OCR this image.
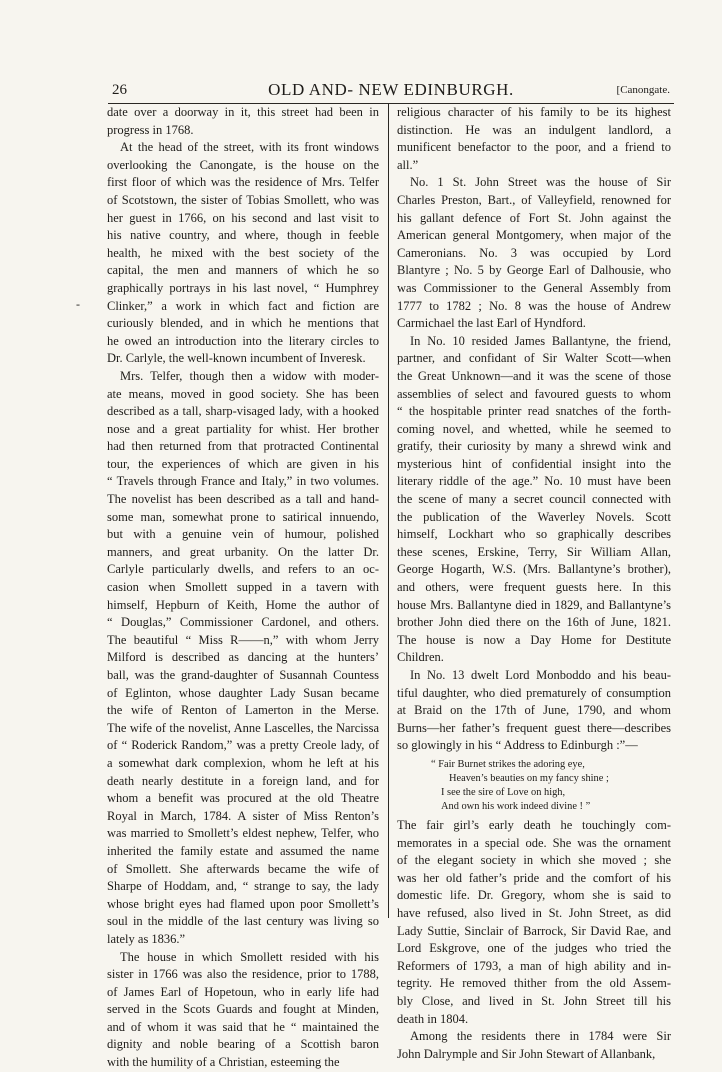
26	OLD AND- NEW EDINBURGH.	[Canongate.
-
date over a doorway in it, this street had been in
progress in 1768.
At the head of the street, with its front windows
overlooking the Canongate, is the house on the
first floor of which was the residence of Mrs. Telfer
of Scotstown, the sister of Tobias Smollett, who was
her guest in 1766, on his second and last visit to
his native country, and where, though in feeble
health, he mixed with the best society of the
capital, the men and manners of which he so
graphically portrays in his last novel, “ Humphrey
Clinker,” a work in which fact and fiction are
curiously blended, and in which he mentions that
he owed an introduction into the literary circles to
Dr. Carlyle, the well-known incumbent of Inveresk.
Mrs. Telfer, though then a widow with moder-
ate means, moved in good society. She has been
described as a tall, sharp-visaged lady, with a hooked
nose and a great partiality for whist. Her brother
had then returned from that protracted Continental
tour, the experiences of which are given in his
“ Travels through France and Italy,” in two volumes.
The novelist has been described as a tall and hand-
some man, somewhat prone to satirical innuendo,
but with a genuine vein of humour, polished
manners, and great urbanity. On the latter Dr.
Carlyle particularly dwells, and refers to an oc-
casion when Smollett supped in a tavern with
himself, Hepburn of Keith, Home the author of
“ Douglas,” Commissioner Cardonel, and others.
The beautiful “ Miss R——n,” with whom Jerry
Milford is described as dancing at the hunters’
ball, was the grand-daughter of Susannah Countess
of Eglinton, whose daughter Lady Susan became
the wife of Renton of Lamerton in the Merse.
The wife of the novelist, Anne Lascelles, the Narcissa
of “ Roderick Random,” was a pretty Creole lady, of
a somewhat dark complexion, whom he left at his
death nearly destitute in a foreign land, and for
whom a benefit was procured at the old Theatre
Royal in March, 1784. A sister of Miss Renton’s
was married to Smollett’s eldest nephew, Telfer, who
inherited the family estate and assumed the name
of Smollett. She afterwards became the wife of
Sharpe of Hoddam, and, “ strange to say, the lady
whose bright eyes had flamed upon poor Smollett’s
soul in the middle of the last century was living so
lately as 1836.”
The house in which Smollett resided with his
sister in 1766 was also the residence, prior to 1788,
of James Earl of Hopetoun, who in early life had
served in the Scots Guards and fought at Minden,
and of whom it was said that he “ maintained the
dignity and noble bearing of a Scottish baron
with the humility of a Christian, esteeming the
religious character of his family to be its highest
distinction. He was an indulgent landlord, a
munificent benefactor to the poor, and a friend to
all.”
No. 1 St. John Street was the house of Sir
Charles Preston, Bart., of Valleyfield, renowned for
his gallant defence of Fort St. John against the
American general Montgomery, when major of the
Cameronians. No. 3 was occupied by Lord
Blantyre ; No. 5 by George Earl of Dalhousie, who
was Commissioner to the General Assembly from
1777 to 1782 ; No. 8 was the house of Andrew
Carmichael the last Earl of Hyndford.
In No. 10 resided James Ballantyne, the friend,
partner, and confidant of Sir Walter Scott—when
the Great Unknown—and it was the scene of those
assemblies of select and favoured guests to whom
“ the hospitable printer read snatches of the forth-
coming novel, and whetted, while he seemed to
gratify, their curiosity by many a shrewd wink and
mysterious hint of confidential insight into the
literary riddle of the age.” No. 10 must have been
the scene of many a secret council connected with
the publication of the Waverley Novels. Scott
himself, Lockhart who so graphically describes
these scenes, Erskine, Terry, Sir William Allan,
George Hogarth, W.S. (Mrs. Ballantyne’s brother),
and others, were frequent guests here. In this
house Mrs. Ballantyne died in 1829, and Ballantyne’s
brother John died there on the 16th of June, 1821.
The house is now a Day Home for Destitute
Children.
In No. 13 dwelt Lord Monboddo and his beau-
tiful daughter, who died prematurely of consumption
at Braid on the 17th of June, 1790, and whom
Burns—her father’s frequent guest there—describes
so glowingly in his “ Address to Edinburgh :”—
“ Fair Burnet strikes the adoring eye,
Heaven’s beauties on my fancy shine ;
I see the sire of Love on high,
And own his work indeed divine ! ”
The fair girl’s early death he touchingly com-
memorates in a special ode. She was the ornament
of the elegant society in which she moved ; she
was her old father’s pride and the comfort of his
domestic life. Dr. Gregory, whom she is said to
have refused, also lived in St. John Street, as did
Lady Suttie, Sinclair of Barrock, Sir David Rae, and
Lord Eskgrove, one of the judges who tried the
Reformers of 1793, a man of high ability and in-
tegrity. He removed thither from the old Assem-
bly Close, and lived in St. John Street till his
death in 1804.
Among the residents there in 1784 were Sir
John Dalrymple and Sir John Stewart of Allanbank,
